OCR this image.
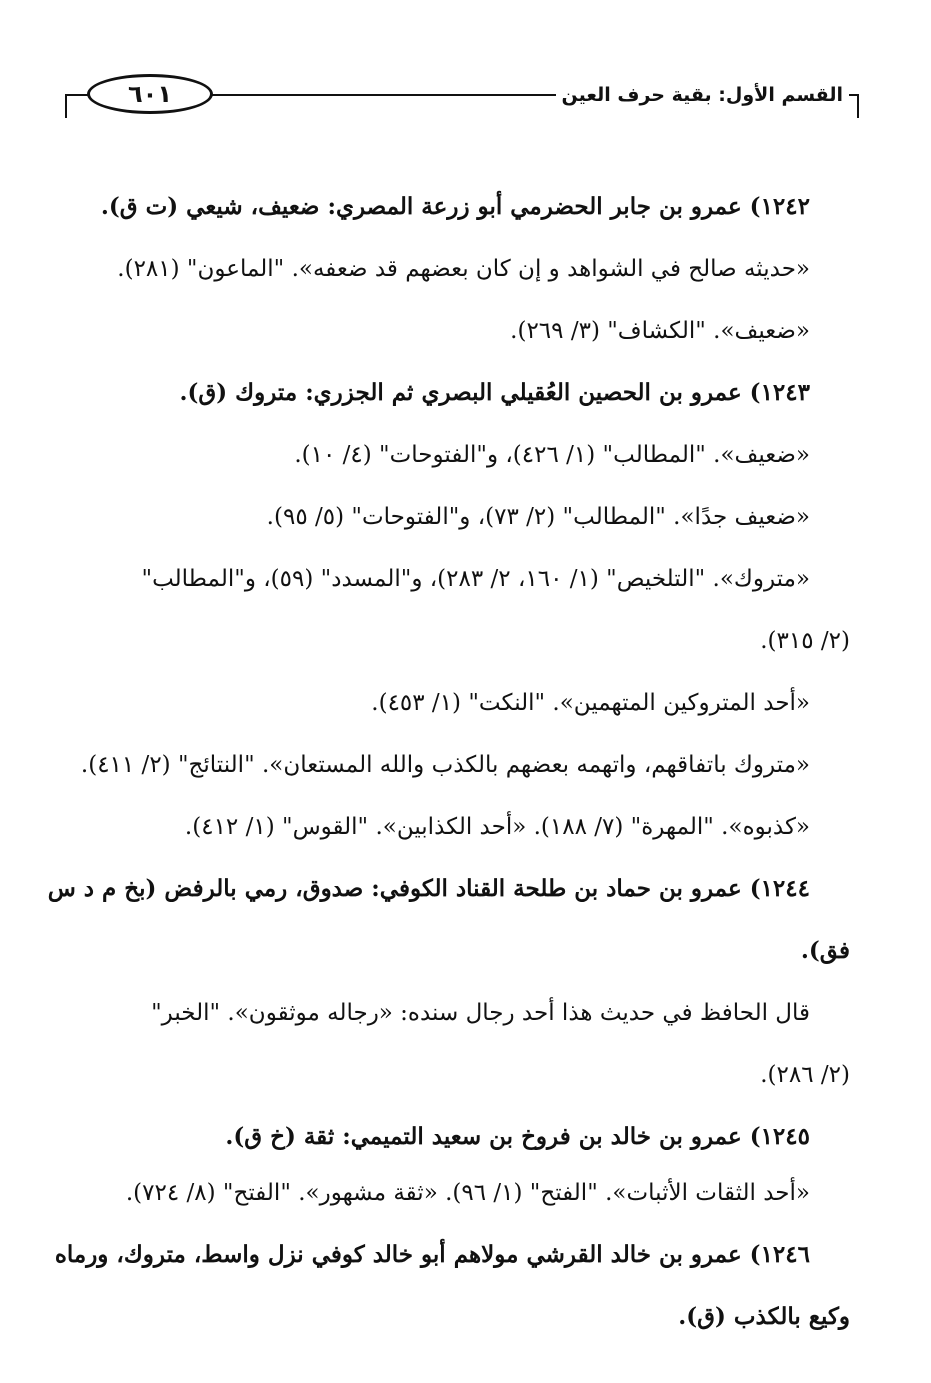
٦٠١	القسم الأول: بقية حرف العين
١٢٤٢) عمرو بن جابر الحضرمي أبو زرعة المصري: ضعيف، شيعي (ت ق).
«حديثه صالح في الشواهد و إن كان بعضهم قد ضعفه». "الماعون" (٢٨١).
«ضعيف». "الكشاف" (٣/ ٢٦٩).
١٢٤٣) عمرو بن الحصين العُقيلي البصري ثم الجزري: متروك (ق).
«ضعيف». "المطالب" (١/ ٤٢٦)، و"الفتوحات" (٤/ ١٠).
«ضعيف جدًا». "المطالب" (٢/ ٧٣)، و"الفتوحات" (٥/ ٩٥).
«متروك». "التلخيص" (١/ ١٦٠، ٢/ ٢٨٣)، و"المسدد" (٥٩)، و"المطالب"
(٢/ ٣١٥).
«أحد المتروكين المتهمين». "النكت" (١/ ٤٥٣).
«متروك باتفاقهم، واتهمه بعضهم بالكذب والله المستعان». "النتائج" (٢/ ٤١١).
«كذبوه». "المهرة" (٧/ ١٨٨). «أحد الكذابين». "القوس" (١/ ٤١٢).
١٢٤٤) عمرو بن حماد بن طلحة القناد الكوفي: صدوق، رمي بالرفض (بخ م د س
فق).
قال الحافظ في حديث هذا أحد رجال سنده: «رجاله موثقون». "الخبر"
(٢/ ٢٨٦).
١٢٤٥) عمرو بن خالد بن فروخ بن سعيد التميمي: ثقة (خ ق).
«أحد الثقات الأثبات». "الفتح" (١/ ٩٦). «ثقة مشهور». "الفتح" (٨/ ٧٢٤).
١٢٤٦) عمرو بن خالد القرشي مولاهم أبو خالد كوفي نزل واسط، متروك، ورماه
وكيع بالكذب (ق).
